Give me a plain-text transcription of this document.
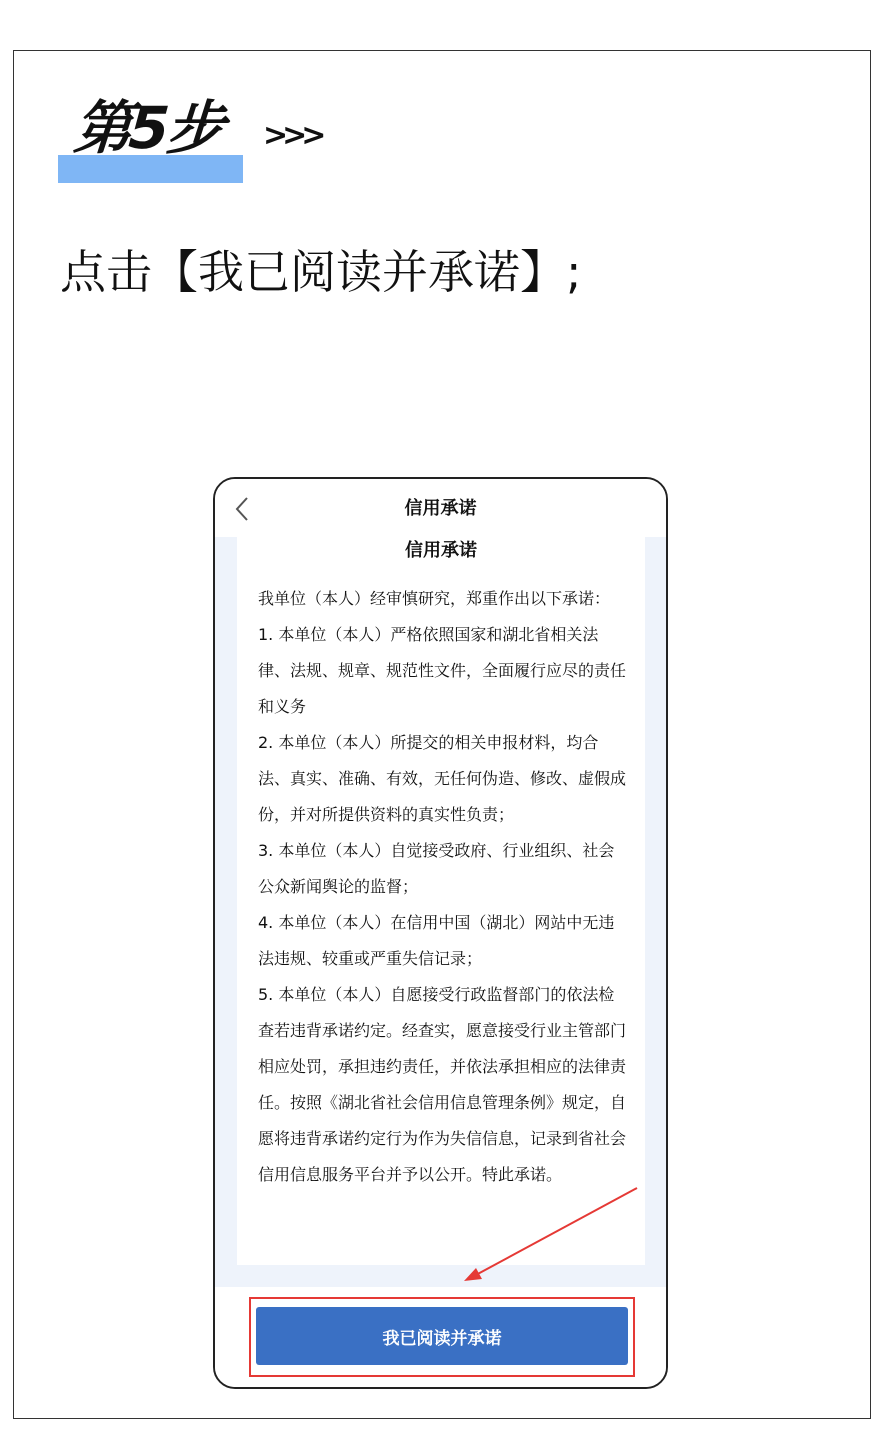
第5步 >>>
点击【我已阅读并承诺】;
信用承诺
信用承诺

我单位（本人）经审慎研究，郑重作出以下承诺：

1. 本单位（本人）严格依照国家和湖北省相关法律、法规、规章、规范性文件，全面履行应尽的责任和义务

2. 本单位（本人）所提交的相关申报材料，均合法、真实、准确、有效，无任何伪造、修改、虚假成份，并对所提供资料的真实性负责；

3. 本单位（本人）自觉接受政府、行业组织、社会公众新闻舆论的监督；

4. 本单位（本人）在信用中国（湖北）网站中无违法违规、较重或严重失信记录；

5. 本单位（本人）自愿接受行政监督部门的依法检查若违背承诺约定。经查实，愿意接受行业主管部门相应处罚，承担违约责任，并依法承担相应的法律责任。按照《湖北省社会信用信息管理条例》规定，自愿将违背承诺约定行为作为失信信息，记录到省社会信用信息服务平台并予以公开。特此承诺。

我已阅读并承诺
